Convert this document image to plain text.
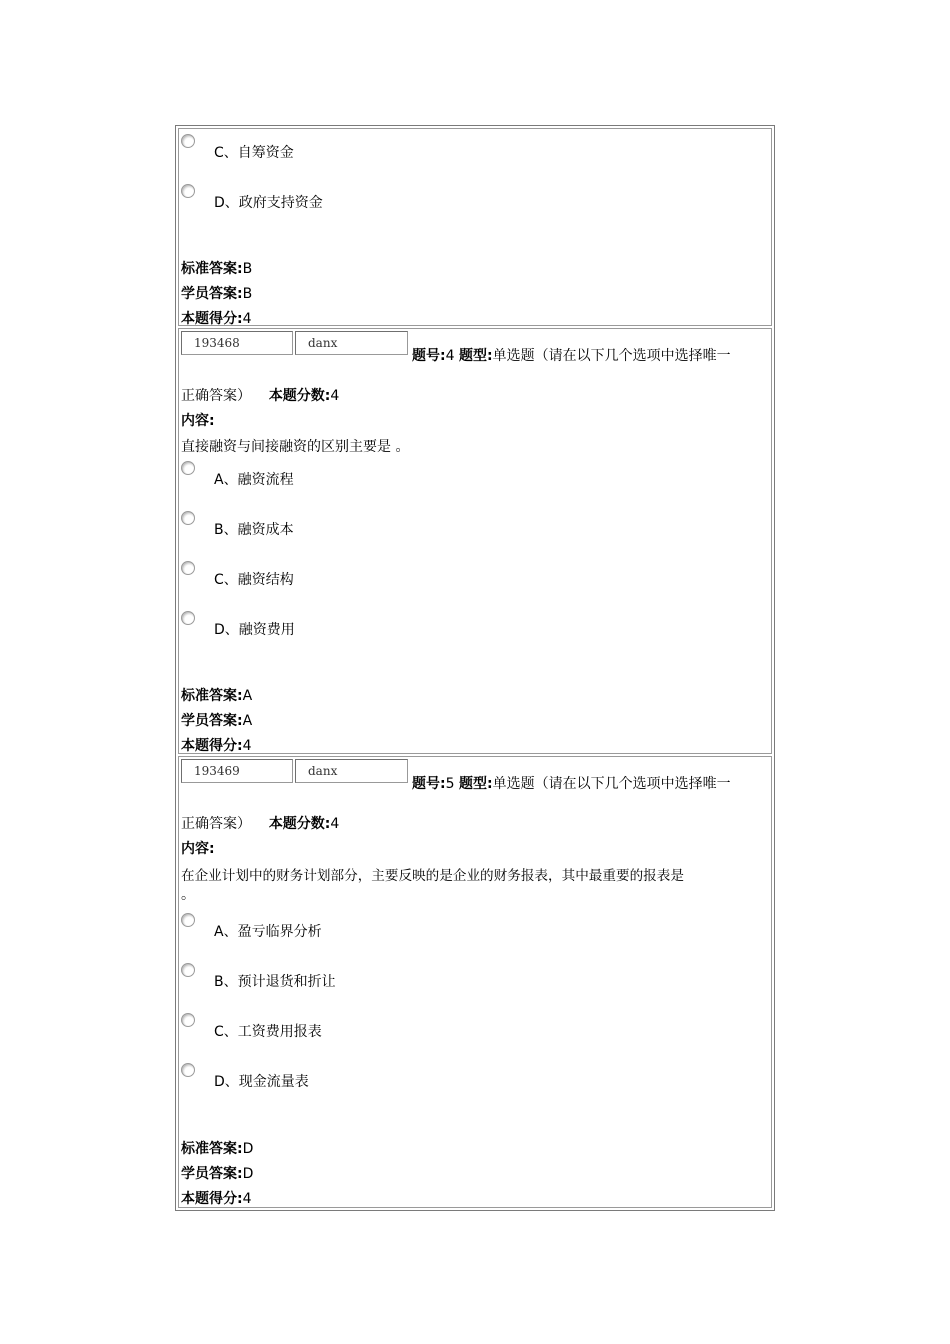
C、自筹资金
D、政府支持资金
标准答案:B
学员答案:B
本题得分:4
193468	danx
题号:4 题型:单选题（请在以下几个选项中选择唯一
正确答案） 本题分数:4
内容:
直接融资与间接融资的区别主要是 。
A、融资流程
B、融资成本
C、融资结构
D、融资费用
标准答案:A
学员答案:A
本题得分:4
193469	danx
题号:5 题型:单选题（请在以下几个选项中选择唯一
正确答案） 本题分数:4
内容:
在企业计划中的财务计划部分，主要反映的是企业的财务报表，其中最重要的报表是
。
A、盈亏临界分析
B、预计退货和折让
C、工资费用报表
D、现金流量表
标准答案:D
学员答案:D
本题得分:4
